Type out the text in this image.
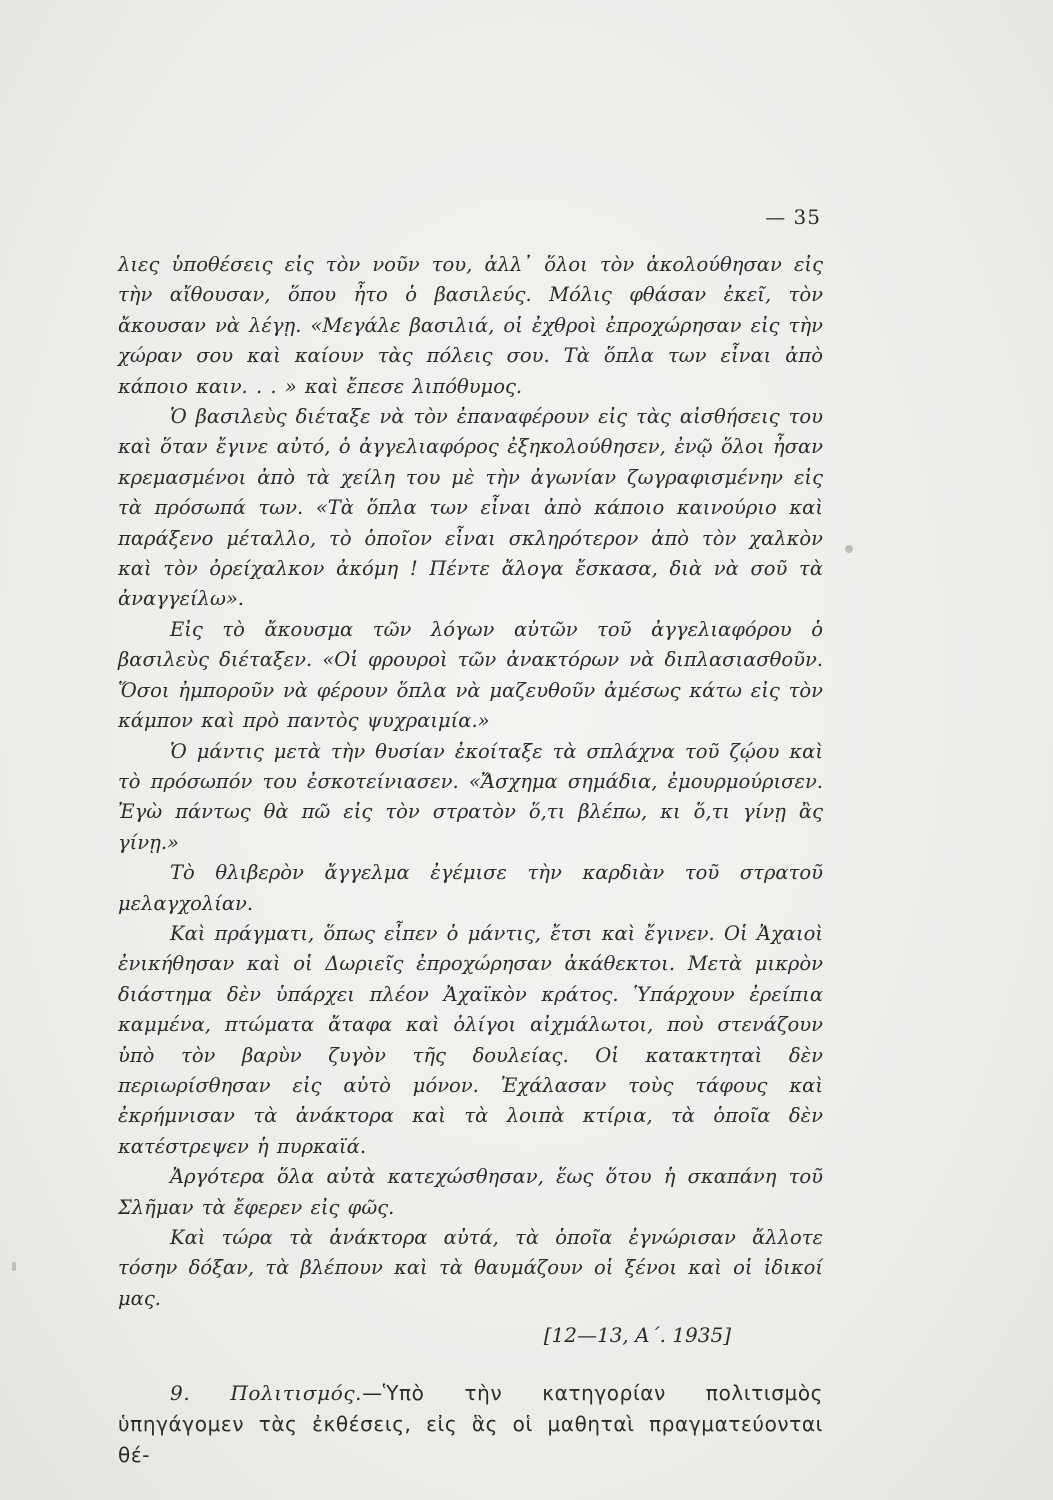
— 35

λιες ὑποθέσεις εἰς τὸν νοῦν του, ἀλλ᾽ ὅλοι τὸν ἀκολούθησαν εἰς τὴν αἴθουσαν, ὅπου ἦτο ὁ βασιλεύς. Μόλις φθάσαν ἐκεῖ, τὸν ἄκουσαν νὰ λέγῃ. «Μεγάλε βασιλιά, οἱ ἐχθροὶ ἐπροχώρησαν εἰς τὴν χώραν σου καὶ καίουν τὰς πόλεις σου. Τὰ ὅπλα των εἶναι ἀπὸ κάποιο καιν. . . » καὶ ἔπεσε λιπόθυμος.

Ὁ βασιλεὺς διέταξε νὰ τὸν ἐπαναφέρουν εἰς τὰς αἰσθήσεις του καὶ ὅταν ἔγινε αὐτό, ὁ ἀγγελιαφόρος ἐξηκολούθησεν, ἐνῷ ὅλοι ἦσαν κρεμασμένοι ἀπὸ τὰ χείλη του μὲ τὴν ἀγωνίαν ζωγραφισμένην εἰς τὰ πρόσωπά των. «Τὰ ὅπλα των εἶναι ἀπὸ κάποιο καινούριο καὶ παράξενο μέταλλο, τὸ ὁποῖον εἶναι σκληρότερον ἀπὸ τὸν χαλκὸν καὶ τὸν ὀρείχαλκον ἀκόμη ! Πέντε ἄλογα ἔσκασα, διὰ νὰ σοῦ τὰ ἀναγγείλω».

Εἰς τὸ ἄκουσμα τῶν λόγων αὐτῶν τοῦ ἀγγελιαφόρου ὁ βασιλεὺς διέταξεν. «Οἱ φρουροὶ τῶν ἀνακτόρων νὰ διπλασιασθοῦν. Ὅσοι ἠμποροῦν νὰ φέρουν ὅπλα νὰ μαζευθοῦν ἀμέσως κάτω εἰς τὸν κάμπον καὶ πρὸ παντὸς ψυχραιμία.»

Ὁ μάντις μετὰ τὴν θυσίαν ἐκοίταξε τὰ σπλάχνα τοῦ ζῴου καὶ τὸ πρόσωπόν του ἐσκοτείνιασεν. «Ἄσχημα σημάδια, ἐμουρμούρισεν. Ἐγὼ πάντως θὰ πῶ εἰς τὸν στρατὸν ὅ,τι βλέπω, κι ὅ,τι γίνῃ ἂς γίνῃ.»

Τὸ θλιβερὸν ἄγγελμα ἐγέμισε τὴν καρδιὰν τοῦ στρατοῦ μελαγχολίαν.

Καὶ πράγματι, ὅπως εἶπεν ὁ μάντις, ἔτσι καὶ ἔγινεν. Οἱ Ἀχαιοὶ ἐνικήθησαν καὶ οἱ Δωριεῖς ἐπροχώρησαν ἀκάθεκτοι. Μετὰ μικρὸν διάστημα δὲν ὑπάρχει πλέον Ἀχαϊκὸν κράτος. Ὑπάρχουν ἐρείπια καμμένα, πτώματα ἄταφα καὶ ὀλίγοι αἰχμάλωτοι, ποὺ στενάζουν ὑπὸ τὸν βαρὺν ζυγὸν τῆς δουλείας. Οἱ κατακτηταὶ δὲν περιωρίσθησαν εἰς αὐτὸ μόνον. Ἐχάλασαν τοὺς τάφους καὶ ἐκρήμνισαν τὰ ἀνάκτορα καὶ τὰ λοιπὰ κτίρια, τὰ ὁποῖα δὲν κατέστρεψεν ἡ πυρκαϊά.

Ἀργότερα ὅλα αὐτὰ κατεχώσθησαν, ἕως ὅτου ἡ σκαπάνη τοῦ Σλῆμαν τὰ ἔφερεν εἰς φῶς.

Καὶ τώρα τὰ ἀνάκτορα αὐτά, τὰ ὁποῖα ἐγνώρισαν ἄλλοτε τόσην δόξαν, τὰ βλέπουν καὶ τὰ θαυμάζουν οἱ ξένοι καὶ οἱ ἰδικοί μας.

[12—13, Α΄. 1935]

9. Πολιτισμός.—Ὑπὸ τὴν κατηγορίαν πολιτισμὸς ὑπηγάγομεν τὰς ἐκθέσεις, εἰς ἃς οἱ μαθηταὶ πραγματεύονται θέ-
